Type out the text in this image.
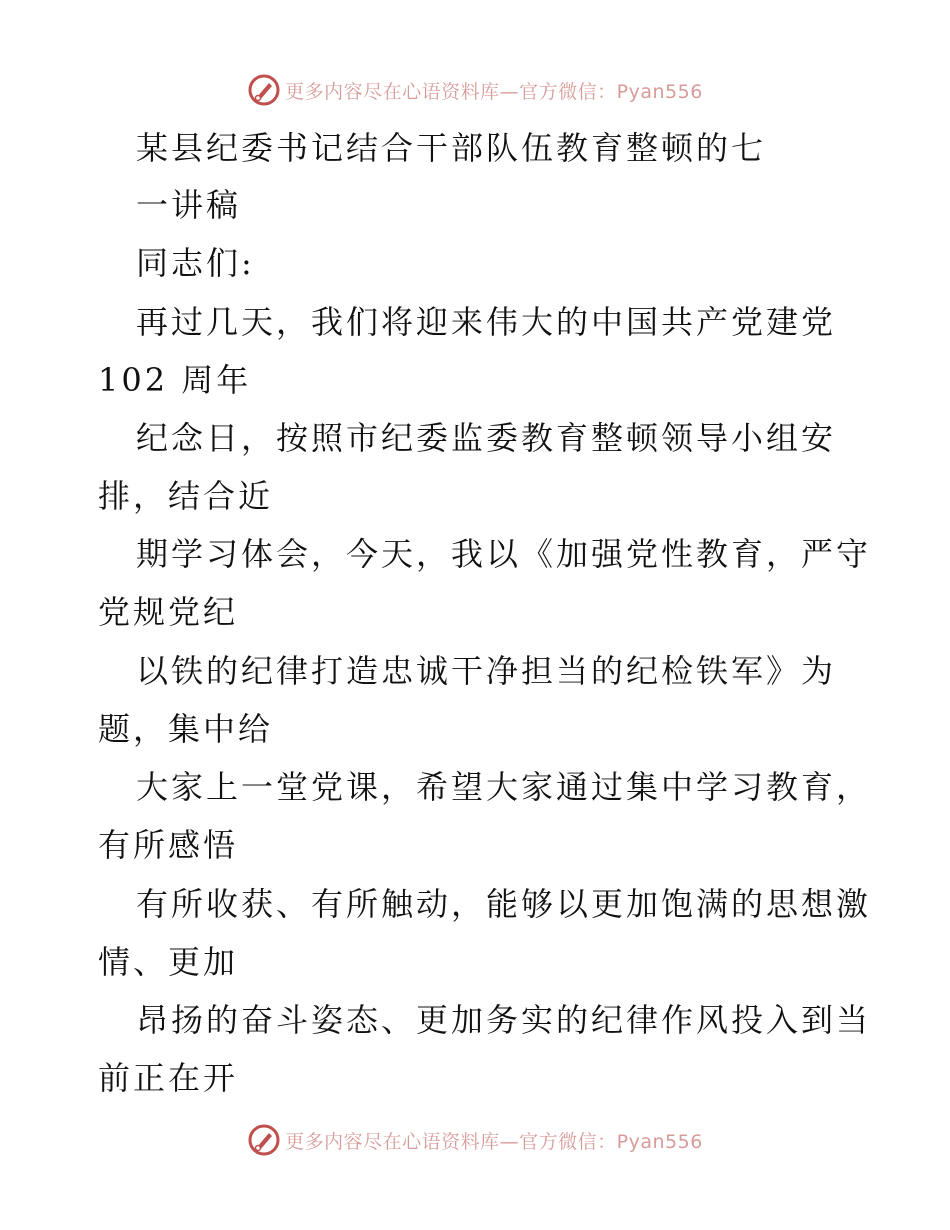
更多内容尽在心语资料库—官方微信：Pyan556
某县纪委书记结合干部队伍教育整顿的七
一讲稿
同志们:
再过几天，我们将迎来伟大的中国共产党建党
102 周年
纪念日，按照市纪委监委教育整顿领导小组安
排，结合近
期学习体会，今天，我以《加强党性教育，严守
党规党纪
以铁的纪律打造忠诚干净担当的纪检铁军》为
题，集中给
大家上一堂党课，希望大家通过集中学习教育，
有所感悟
有所收获、有所触动，能够以更加饱满的思想激
情、更加
昂扬的奋斗姿态、更加务实的纪律作风投入到当
前正在开
更多内容尽在心语资料库—官方微信：Pyan556
